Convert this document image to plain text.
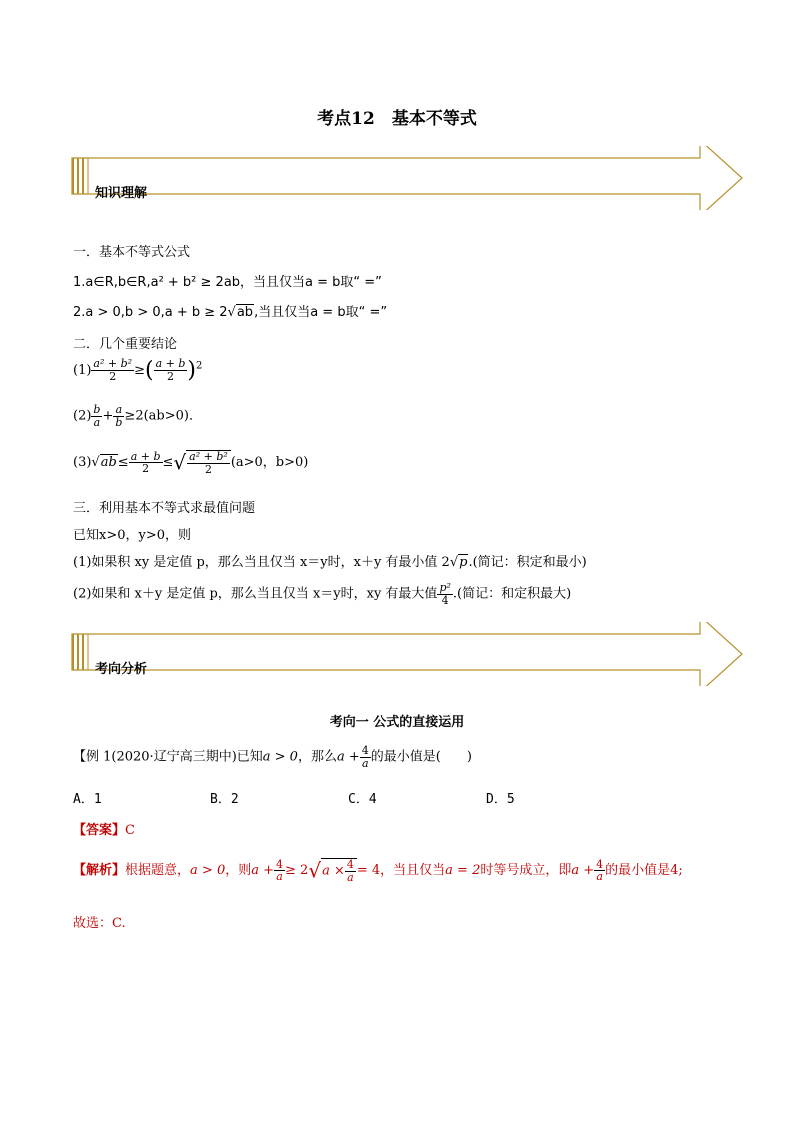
考点12　基本不等式
知识理解
一．基本不等式公式
1.a∈R,b∈R,a² + b² ≥ 2ab，当且仅当a = b取“ =”
2.a > 0,b > 0,a + b ≥ 2√ab,当且仅当a = b取“ =”
二．几个重要结论
$(1) \frac{\text{a² + b²}}{2}$ ≥( $\frac{a + b}{2} )^2$
$(2) \frac{b}{a} + \frac{a}{b} \ge 2(ab>0)$．
$(3)√ab\le \frac{a + b}{2}$ ≤√ $\frac{\text{a² + b²}}{2} (a>0$，b>0)
三．利用基本不等式求最值问题
已知x>0，y>0，则
(1)如果积 xy 是定值 p，那么当且仅当 x＝y时，x＋y 有最小值 2√p.(简记：积定和最小)
(2)如果和 x＋y 是定值 p，那么当且仅当 x＝y时，xy 有最大值 $\frac{\text{p²}}{4}$ .(简记：和定积最大)
考向分析
考向一 公式的直接运用
【例 1(2020·辽宁高三期中)已知a > 0，那么$a + \frac{4}{a}$ 的最小值是(　　)
A．1	B．2	C．4	D．5
【答案】C
【解析】根据题意，a > 0，则$a + \frac{4}{a} \ge 2√a \times \frac{4}{a} = 4$，当且仅当a = 2时等号成立，即$a + \frac{4}{a}$ 的最小值是4;
故选：C.
